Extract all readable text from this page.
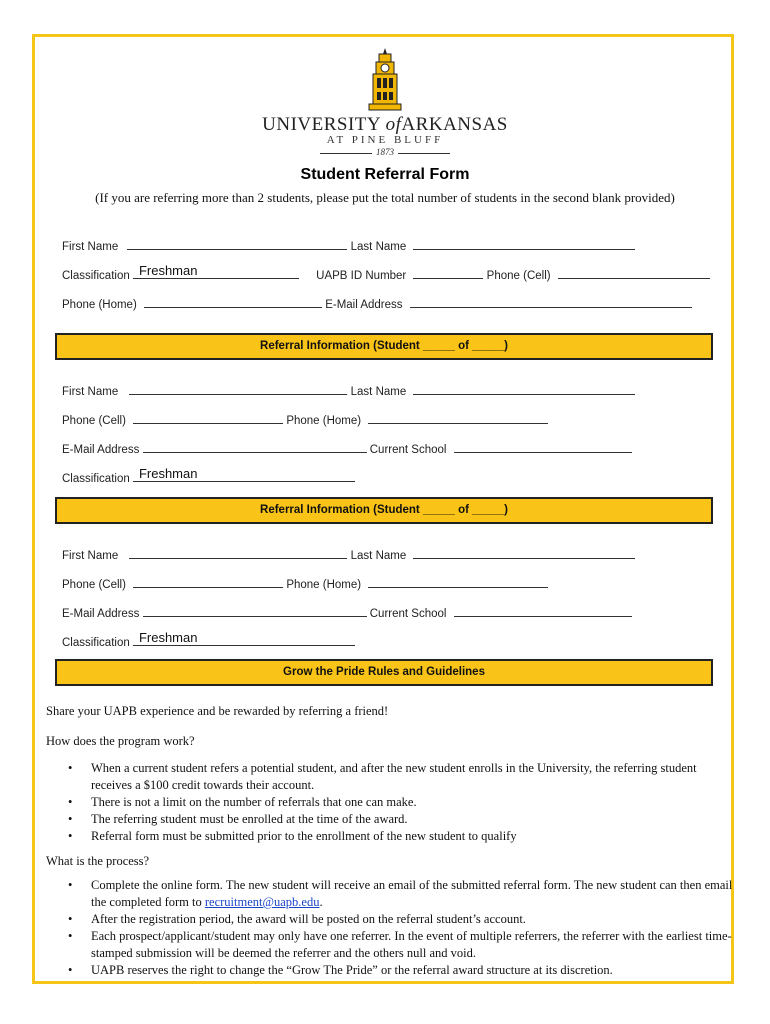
UNIVERSITY ofARKANSAS
AT PINE BLUFF
1873
Student Referral Form
(If you are referring more than 2 students, please put the total number of students in the second blank provided)
First Name	Last Name
Classification Freshman	UAPB ID Number	Phone (Cell)
Phone (Home)	E-Mail Address
Referral Information (Student _____ of _____)
First Name	Last Name
Phone (Cell)	Phone (Home)
E-Mail Address	Current School
Classification Freshman
Referral Information (Student _____ of _____)
First Name	Last Name
Phone (Cell)	Phone (Home)
E-Mail Address	Current School
Classification Freshman
Grow the Pride Rules and Guidelines
Share your UAPB experience and be rewarded by referring a friend!
How does the program work?
• When a current student refers a potential student, and after the new student enrolls in the University, the referring student receives a $100 credit towards their account.
• There is not a limit on the number of referrals that one can make.
• The referring student must be enrolled at the time of the award.
• Referral form must be submitted prior to the enrollment of the new student to qualify
What is the process?
• Complete the online form. The new student will receive an email of the submitted referral form. The new student can then email the completed form to recruitment@uapb.edu.
• After the registration period, the award will be posted on the referral student’s account.
• Each prospect/applicant/student may only have one referrer. In the event of multiple referrers, the referrer with the earliest time-stamped submission will be deemed the referrer and the others null and void.
• UAPB reserves the right to change the “Grow The Pride” or the referral award structure at its discretion.
